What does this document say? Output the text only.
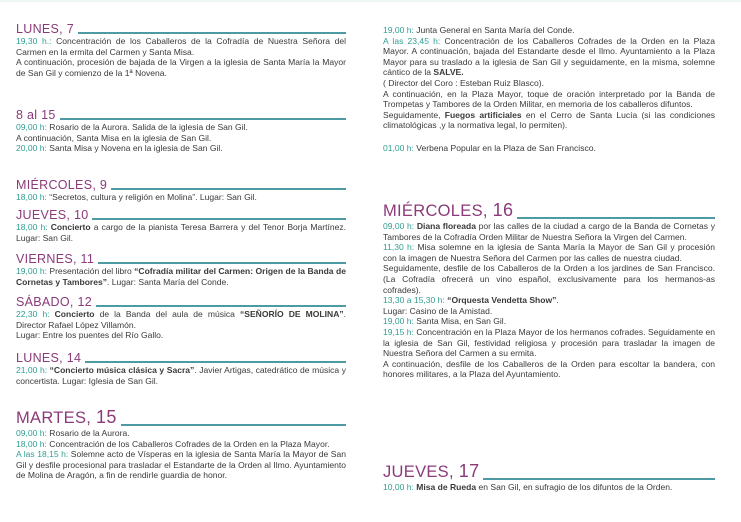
LUNES, 7

19,30 h.: Concentración de los Caballeros de la Cofradía de Nuestra Señora del Carmen en la ermita del Carmen y Santa Misa.

A continuación, procesión de bajada de la Virgen a la iglesia de Santa María la Mayor de San Gil y comienzo de la 1ª Novena.

8 al 15

09,00 h: Rosario de la Aurora. Salida de la iglesia de San Gil.

A continuación, Santa Misa en la iglesia de San Gil.

20,00 h: Santa Misa y Novena en la iglesia de San Gil.

MIÉRCOLES, 9

18,00 h: “Secretos, cultura y religión en Molina”. Lugar: San Gil.

JUEVES, 10

18,00 h: Concierto a cargo de la pianista Teresa Barrera y del Tenor Borja Martínez. Lugar: San Gil.

VIERNES, 11

19,00 h: Presentación del libro “Cofradía militar del Carmen: Origen de la Banda de Cornetas y Tambores”. Lugar: Santa María del Conde.

SÁBADO, 12

22,30 h: Concierto de la Banda del aula de música “SEÑORÍO DE MOLINA”. Director Rafael López Villamón.

Lugar: Entre los puentes del Río Gallo.

LUNES, 14

21,00 h: “Concierto música clásica y Sacra”. Javier Artigas, catedrático de música y concertista. Lugar: Iglesia de San Gil.

MARTES, 15

09,00 h: Rosario de la Aurora.

18,00 h: Concentración de los Caballeros Cofrades de la Orden en la Plaza Mayor.

A las 18,15 h: Solemne acto de Vísperas en la iglesia de Santa María la Mayor de San Gil y desfile procesional para trasladar el Estandarte de la Orden al Ilmo. Ayuntamiento de Molina de Aragón, a fin de rendirle guardia de honor.

19,00 h: Junta General en Santa María del Conde.

A las 23,45 h: Concentración de los Caballeros Cofrades de la Orden en la Plaza Mayor. A continuación, bajada del Estandarte desde el Ilmo. Ayuntamiento a la Plaza Mayor para su traslado a la iglesia de San Gil y seguidamente, en la misma, solemne cántico de la SALVE.

( Director del Coro : Esteban Ruiz Blasco).

A continuación, en la Plaza Mayor, toque de oración interpretado por la Banda de Trompetas y Tambores de la Orden Militar, en memoria de los caballeros difuntos.

Seguidamente, Fuegos artificiales en el Cerro de Santa Lucía (si las condiciones climatológicas ,y la normativa legal, lo permiten).

01,00 h: Verbena Popular en la Plaza de San Francisco.

MIÉRCOLES, 16

09,00 h: Diana floreada por las calles de la ciudad a cargo de la Banda de Cornetas y Tambores de la Cofradía Orden Militar de Nuestra Señora la Virgen del Carmen.

11,30 h: Misa solemne en la iglesia de Santa María la Mayor de San Gil y procesión con la imagen de Nuestra Señora del Carmen por las calles de nuestra ciudad.

Seguidamente, desfile de los Caballeros de la Orden a los jardines de San Francisco. (La Cofradía ofrecerá un vino español, exclusivamente para los hermanos-as cofrades).

13,30 a 15,30 h: “Orquesta Vendetta Show”.

Lugar: Casino de la Amistad.

19,00 h: Santa Misa, en San Gil.

19,15 h: Concentración en la Plaza Mayor de los hermanos cofrades. Seguidamente en la iglesia de San Gil, festividad religiosa y procesión para trasladar la imagen de Nuestra Señora del Carmen a su ermita.

A continuación, desfile de los Caballeros de la Orden para escoltar la bandera, con honores militares, a la Plaza del Ayuntamiento.

JUEVES, 17

10,00 h: Misa de Rueda en San Gil, en sufragio de los difuntos de la Orden.
